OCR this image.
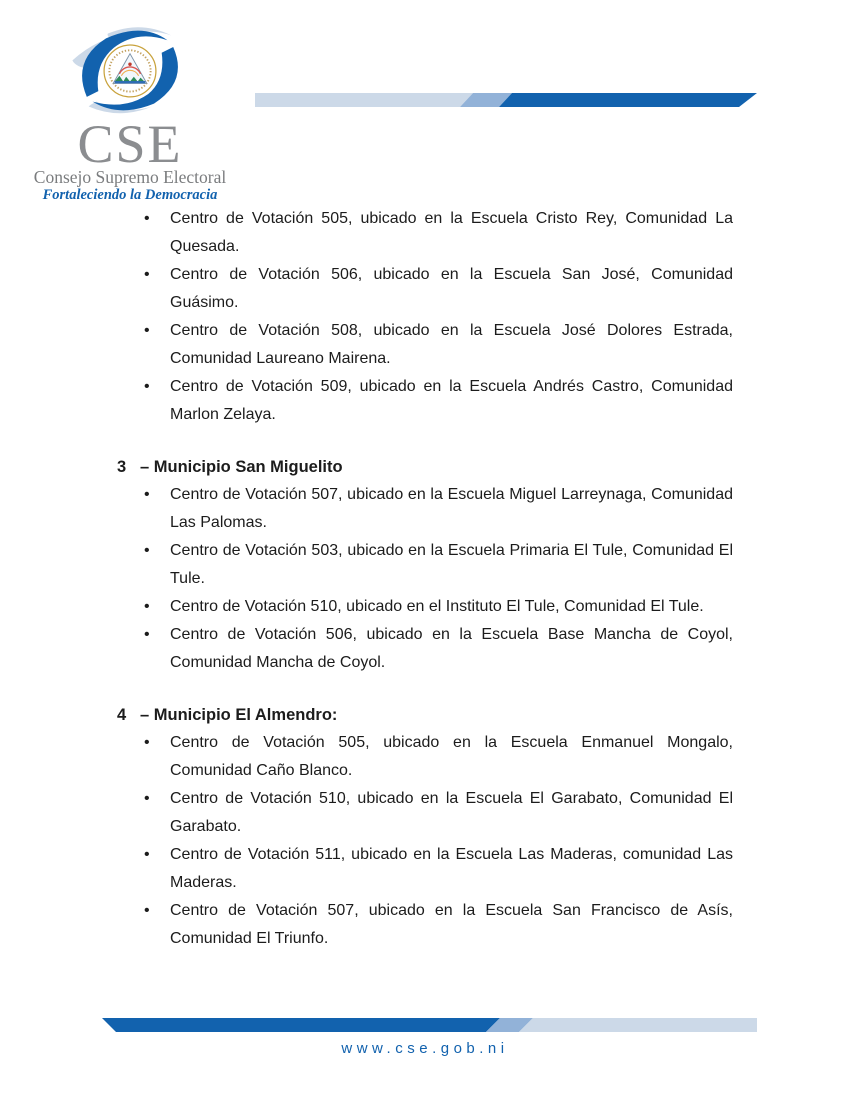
CSE
Consejo Supremo Electoral
Fortaleciendo la Democracia
• Centro de Votación 505, ubicado en la Escuela Cristo Rey, Comunidad La Quesada.
• Centro de Votación 506, ubicado en la Escuela San José, Comunidad Guásimo.
• Centro de Votación 508, ubicado en la Escuela José Dolores Estrada, Comunidad Laureano Mairena.
• Centro de Votación 509, ubicado en la Escuela Andrés Castro, Comunidad Marlon Zelaya.
3 – Municipio San Miguelito
• Centro de Votación 507, ubicado en la Escuela Miguel Larreynaga, Comunidad Las Palomas.
• Centro de Votación 503, ubicado en la Escuela Primaria El Tule, Comunidad El Tule.
• Centro de Votación 510, ubicado en el Instituto El Tule, Comunidad El Tule.
• Centro de Votación 506, ubicado en la Escuela Base Mancha de Coyol, Comunidad Mancha de Coyol.
4 – Municipio El Almendro:
• Centro de Votación 505, ubicado en la Escuela Enmanuel Mongalo, Comunidad Caño Blanco.
• Centro de Votación 510, ubicado en la Escuela El Garabato, Comunidad El Garabato.
• Centro de Votación 511, ubicado en la Escuela Las Maderas, comunidad Las Maderas.
• Centro de Votación 507, ubicado en la Escuela San Francisco de Asís, Comunidad El Triunfo.
www.cse.gob.ni
